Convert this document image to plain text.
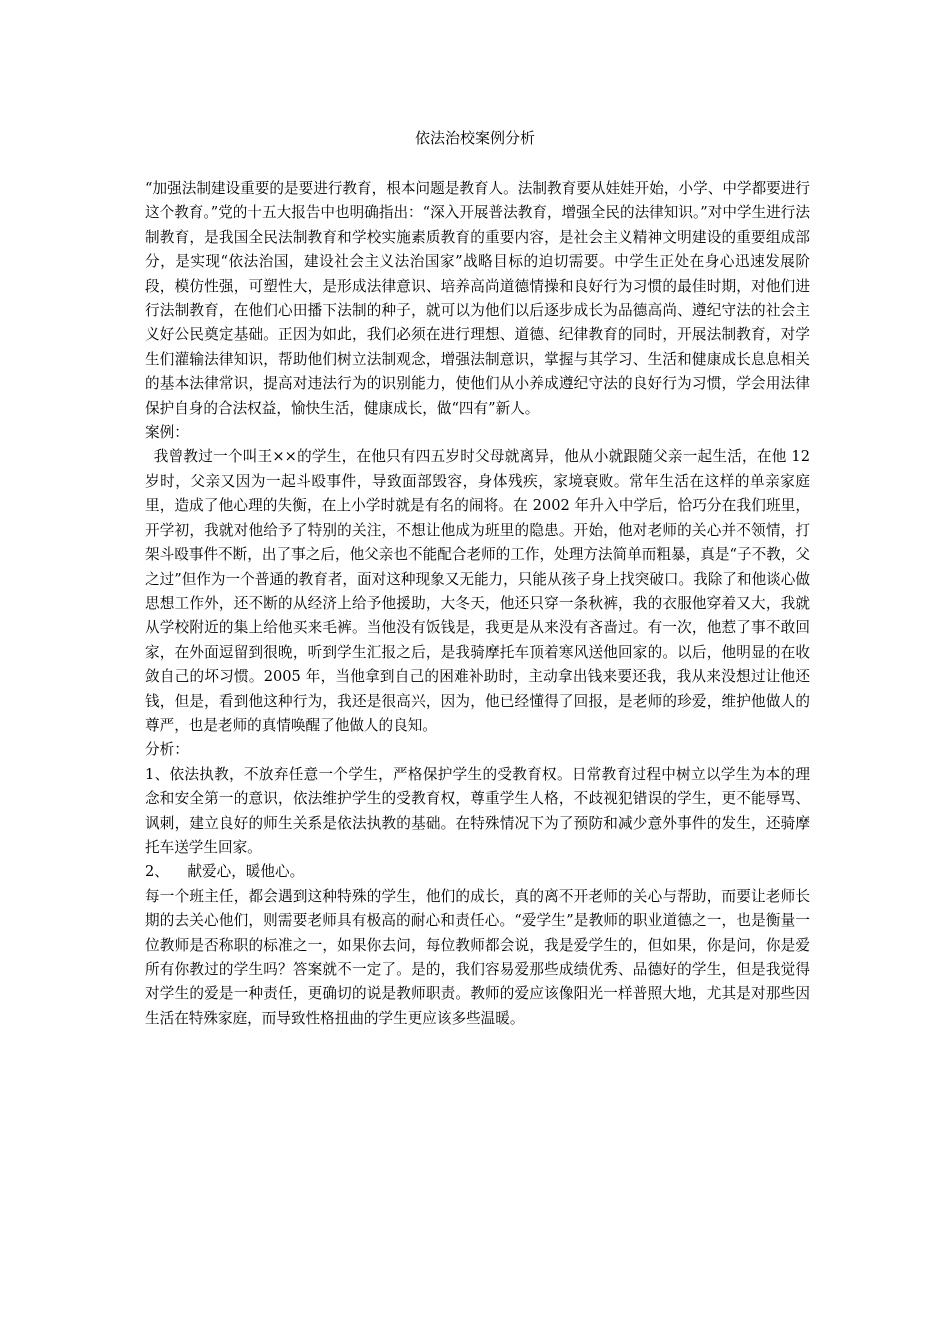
依法治校案例分析

“加强法制建设重要的是要进行教育，根本问题是教育人。法制教育要从娃娃开始，小学、中学都要进行这个教育。”党的十五大报告中也明确指出：“深入开展普法教育，增强全民的法律知识。”对中学生进行法制教育，是我国全民法制教育和学校实施素质教育的重要内容，是社会主义精神文明建设的重要组成部分，是实现“依法治国，建设社会主义法治国家”战略目标的迫切需要。中学生正处在身心迅速发展阶段，模仿性强，可塑性大，是形成法律意识、培养高尚道德情操和良好行为习惯的最佳时期，对他们进行法制教育，在他们心田播下法制的种子，就可以为他们以后逐步成长为品德高尚、遵纪守法的社会主义好公民奠定基础。正因为如此，我们必须在进行理想、道德、纪律教育的同时，开展法制教育，对学生们灌输法律知识，帮助他们树立法制观念，增强法制意识，掌握与其学习、生活和健康成长息息相关的基本法律常识，提高对违法行为的识别能力，使他们从小养成遵纪守法的良好行为习惯，学会用法律保护自身的合法权益，愉快生活，健康成长，做“四有”新人。

案例：

我曾教过一个叫王××的学生，在他只有四五岁时父母就离异，他从小就跟随父亲一起生活，在他 12 岁时，父亲又因为一起斗殴事件，导致面部毁容，身体残疾，家境衰败。常年生活在这样的单亲家庭里，造成了他心理的失衡，在上小学时就是有名的闹将。在 2002 年升入中学后，恰巧分在我们班里，开学初，我就对他给予了特别的关注，不想让他成为班里的隐患。开始，他对老师的关心并不领情，打架斗殴事件不断，出了事之后，他父亲也不能配合老师的工作，处理方法简单而粗暴，真是“子不教，父之过”但作为一个普通的教育者，面对这种现象又无能力，只能从孩子身上找突破口。我除了和他谈心做思想工作外，还不断的从经济上给予他援助，大冬天，他还只穿一条秋裤，我的衣服他穿着又大，我就从学校附近的集上给他买来毛裤。当他没有饭钱是，我更是从来没有吝啬过。有一次，他惹了事不敢回家，在外面逗留到很晚，听到学生汇报之后，是我骑摩托车顶着寒风送他回家的。以后，他明显的在收敛自己的坏习惯。2005 年，当他拿到自己的困难补助时，主动拿出钱来要还我，我从来没想过让他还钱，但是，看到他这种行为，我还是很高兴，因为，他已经懂得了回报，是老师的珍爱，维护他做人的尊严，也是老师的真情唤醒了他做人的良知。

分析：

1、依法执教，不放弃任意一个学生，严格保护学生的受教育权。日常教育过程中树立以学生为本的理念和安全第一的意识，依法维护学生的受教育权，尊重学生人格，不歧视犯错误的学生，更不能辱骂、讽刺，建立良好的师生关系是依法执教的基础。在特殊情况下为了预防和减少意外事件的发生，还骑摩托车送学生回家。

2、    献爱心，暖他心。

每一个班主任，都会遇到这种特殊的学生，他们的成长，真的离不开老师的关心与帮助，而要让老师长期的去关心他们，则需要老师具有极高的耐心和责任心。“爱学生”是教师的职业道德之一，也是衡量一位教师是否称职的标准之一，如果你去问，每位教师都会说，我是爱学生的，但如果，你是问，你是爱所有你教过的学生吗？答案就不一定了。是的，我们容易爱那些成绩优秀、品德好的学生，但是我觉得对学生的爱是一种责任，更确切的说是教师职责。教师的爱应该像阳光一样普照大地，尤其是对那些因生活在特殊家庭，而导致性格扭曲的学生更应该多些温暖。
